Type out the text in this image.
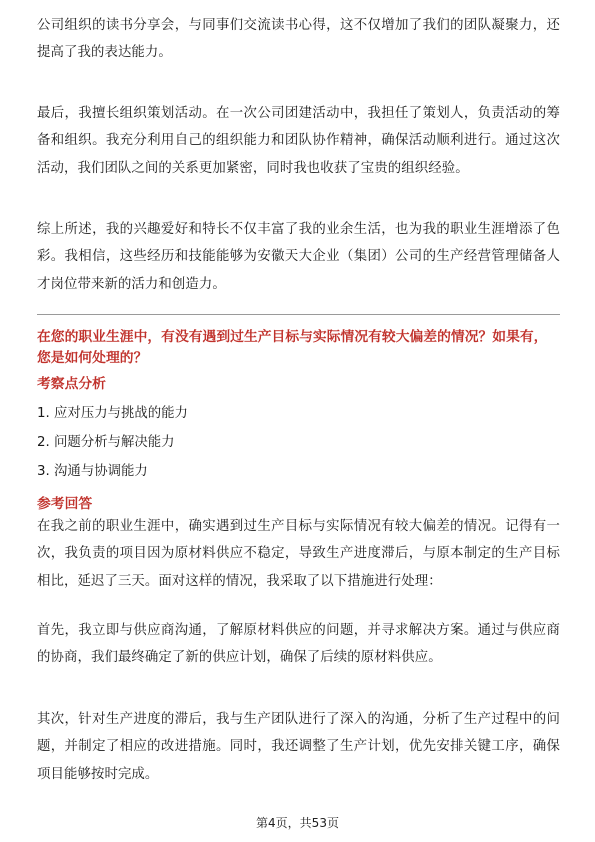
公司组织的读书分享会，与同事们交流读书心得，这不仅增加了我们的团队凝聚力，还提高了我的表达能力。

最后，我擅长组织策划活动。在一次公司团建活动中，我担任了策划人，负责活动的筹备和组织。我充分利用自己的组织能力和团队协作精神，确保活动顺利进行。通过这次活动，我们团队之间的关系更加紧密，同时我也收获了宝贵的组织经验。

综上所述，我的兴趣爱好和特长不仅丰富了我的业余生活，也为我的职业生涯增添了色彩。我相信，这些经历和技能能够为安徽天大企业（集团）公司的生产经营管理储备人才岗位带来新的活力和创造力。

在您的职业生涯中，有没有遇到过生产目标与实际情况有较大偏差的情况？如果有，您是如何处理的？

考察点分析

1. 应对压力与挑战的能力

2. 问题分析与解决能力

3. 沟通与协调能力

参考回答

在我之前的职业生涯中，确实遇到过生产目标与实际情况有较大偏差的情况。记得有一次，我负责的项目因为原材料供应不稳定，导致生产进度滞后，与原本制定的生产目标相比，延迟了三天。面对这样的情况，我采取了以下措施进行处理：

首先，我立即与供应商沟通，了解原材料供应的问题，并寻求解决方案。通过与供应商的协商，我们最终确定了新的供应计划，确保了后续的原材料供应。

其次，针对生产进度的滞后，我与生产团队进行了深入的沟通，分析了生产过程中的问题，并制定了相应的改进措施。同时，我还调整了生产计划，优先安排关键工序，确保项目能够按时完成。

第4页，共53页
